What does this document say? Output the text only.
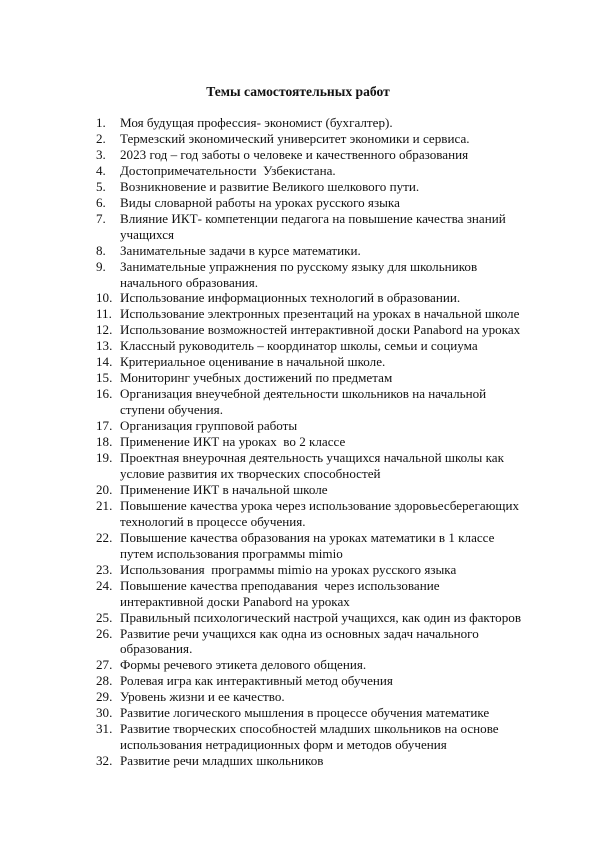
Темы самостоятельных работ
1.	Моя будущая профессия- экономист (бухгалтер).
2.	Термезский экономический университет экономики и сервиса.
3.	2023 год – год заботы о человеке и качественного образования
4.	Достопримечательности  Узбекистана.
5.	Возникновение и развитие Великого шелкового пути.
6.	Виды словарной работы на уроках русского языка
7.	Влияние ИКТ- компетенции педагога на повышение качества знаний
учащихся
8.	Занимательные задачи в курсе математики.
9.	Занимательные упражнения по русскому языку для школьников
начального образования.
10. Использование информационных технологий в образовании.
11. Использование электронных презентаций на уроках в начальной школе
12. Использование возможностей интерактивной доски Panabord на уроках
13. Классный руководитель – координатор школы, семьи и социума
14. Критериальное оценивание в начальной школе.
15. Мониторинг учебных достижений по предметам
16. Организация внеучебной деятельности школьников на начальной
ступени обучения.
17. Организация групповой работы
18. Применение ИКТ на уроках  во 2 классе
19. Проектная внеурочная деятельность учащихся начальной школы как
условие развития их творческих способностей
20. Применение ИКТ в начальной школе
21. Повышение качества урока через использование здоровьесберегающих
технологий в процессе обучения.
22. Повышение качества образования на уроках математики в 1 классе
путем использования программы mimio
23. Использования  программы mimio на уроках русского языка
24. Повышение качества преподавания  через использование
интерактивной доски Panabord на уроках
25. Правильный психологический настрой учащихся, как один из факторов
26. Развитие речи учащихся как одна из основных задач начального
образования.
27. Формы речевого этикета делового общения.
28. Ролевая игра как интерактивный метод обучения
29. Уровень жизни и ее качество.
30. Развитие логического мышления в процессе обучения математике
31. Развитие творческих способностей младших школьников на основе
использования нетрадиционных форм и методов обучения
32. Развитие речи младших школьников
